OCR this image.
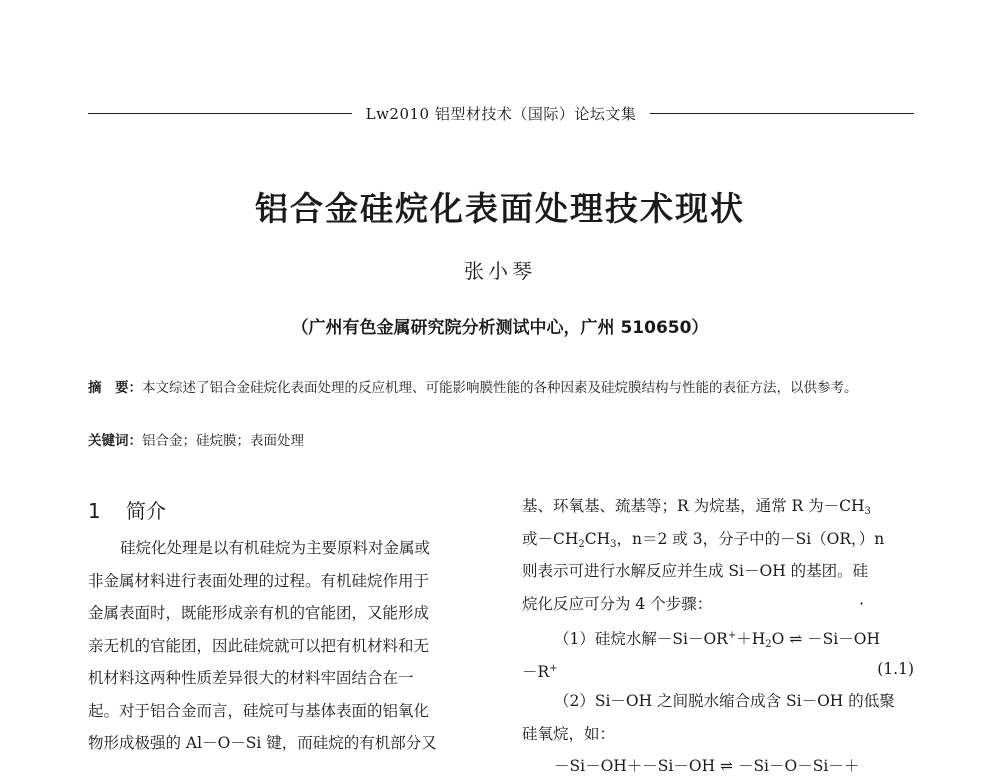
Lw2010 铝型材技术（国际）论坛文集
铝合金硅烷化表面处理技术现状
张小琴
（广州有色金属研究院分析测试中心，广州 510650）
摘　要：本文综述了铝合金硅烷化表面处理的反应机理、可能影响膜性能的各种因素及硅烷膜结构与性能的表征方法，以供参考。
关键词：铝合金；硅烷膜；表面处理
1 简介
硅烷化处理是以有机硅烷为主要原料对金属或
非金属材料进行表面处理的过程。有机硅烷作用于
金属表面时，既能形成亲有机的官能团，又能形成
亲无机的官能团，因此硅烷就可以把有机材料和无
机材料这两种性质差异很大的材料牢固结合在一
起。对于铝合金而言，硅烷可与基体表面的铝氧化
物形成极强的 Al－O－Si 键，而硅烷的有机部分又
基、环氧基、巯基等；R 为烷基，通常 R 为$-CH_3$
或$-CH_2CH_3$，n＝2 或 3，分子中的－Si（OR，）n
则表示可进行水解反应并生成 Si－OH 的基团。硅
烷化反应可分为 4 个步骤：	·
（1）硅烷水解$-Si-OR^++H_2O$ ⇌ －Si－OH
－R+	(1.1)
（2）Si－OH 之间脱水缩合成含 Si－OH 的低聚
硅氧烷，如：
－Si－OH＋－Si－OH ⇌ －Si－O－Si－＋
